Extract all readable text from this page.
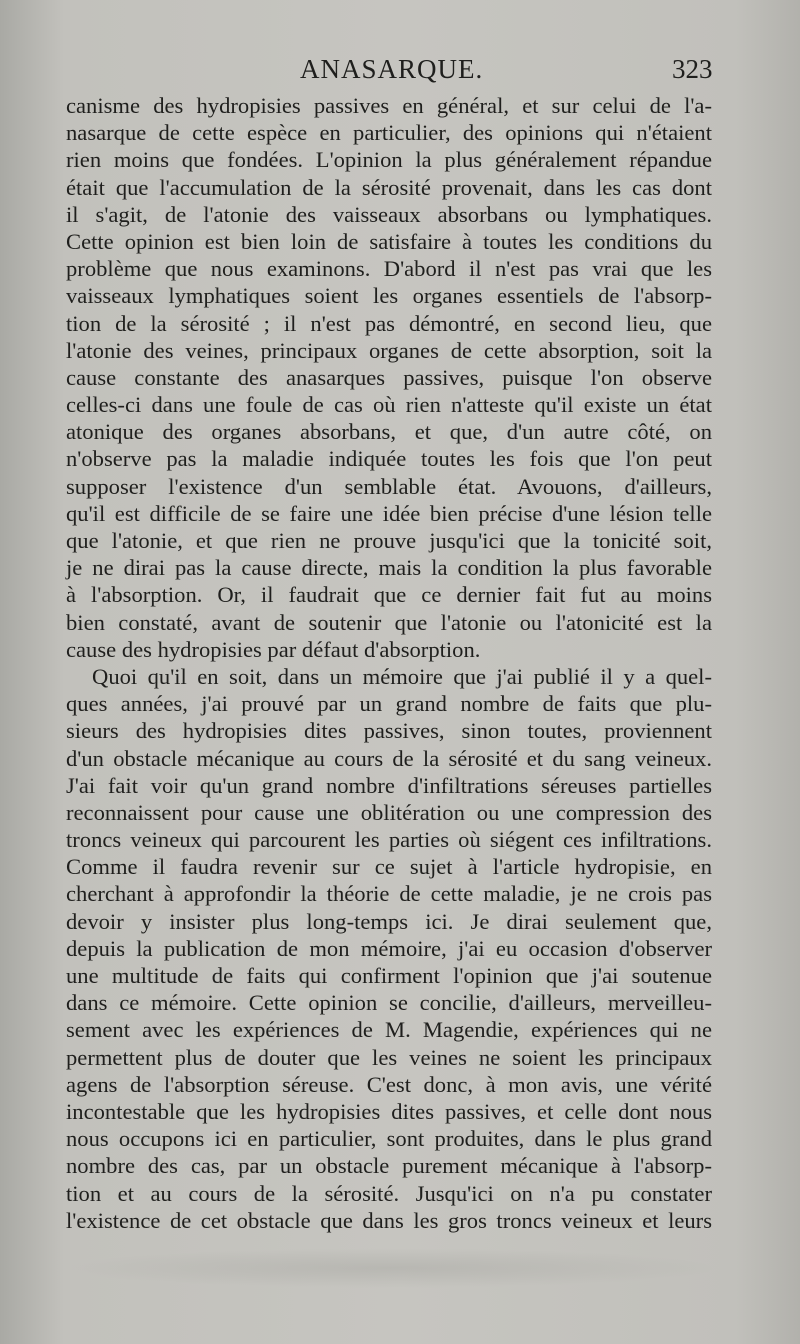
ANASARQUE.	323
canisme des hydropisies passives en général, et sur celui de l'a-
nasarque de cette espèce en particulier, des opinions qui n'étaient
rien moins que fondées. L'opinion la plus généralement répandue
était que l'accumulation de la sérosité provenait, dans les cas dont
il s'agit, de l'atonie des vaisseaux absorbans ou lymphatiques.
Cette opinion est bien loin de satisfaire à toutes les conditions du
problème que nous examinons. D'abord il n'est pas vrai que les
vaisseaux lymphatiques soient les organes essentiels de l'absorp-
tion de la sérosité ; il n'est pas démontré, en second lieu, que
l'atonie des veines, principaux organes de cette absorption, soit la
cause constante des anasarques passives, puisque l'on observe
celles-ci dans une foule de cas où rien n'atteste qu'il existe un état
atonique des organes absorbans, et que, d'un autre côté, on
n'observe pas la maladie indiquée toutes les fois que l'on peut
supposer l'existence d'un semblable état. Avouons, d'ailleurs,
qu'il est difficile de se faire une idée bien précise d'une lésion telle
que l'atonie, et que rien ne prouve jusqu'ici que la tonicité soit,
je ne dirai pas la cause directe, mais la condition la plus favorable
à l'absorption. Or, il faudrait que ce dernier fait fut au moins
bien constaté, avant de soutenir que l'atonie ou l'atonicité est la
cause des hydropisies par défaut d'absorption.
Quoi qu'il en soit, dans un mémoire que j'ai publié il y a quel-
ques années, j'ai prouvé par un grand nombre de faits que plu-
sieurs des hydropisies dites passives, sinon toutes, proviennent
d'un obstacle mécanique au cours de la sérosité et du sang veineux.
J'ai fait voir qu'un grand nombre d'infiltrations séreuses partielles
reconnaissent pour cause une oblitération ou une compression des
troncs veineux qui parcourent les parties où siégent ces infiltrations.
Comme il faudra revenir sur ce sujet à l'article hydropisie, en
cherchant à approfondir la théorie de cette maladie, je ne crois pas
devoir y insister plus long-temps ici. Je dirai seulement que,
depuis la publication de mon mémoire, j'ai eu occasion d'observer
une multitude de faits qui confirment l'opinion que j'ai soutenue
dans ce mémoire. Cette opinion se concilie, d'ailleurs, merveilleu-
sement avec les expériences de M. Magendie, expériences qui ne
permettent plus de douter que les veines ne soient les principaux
agens de l'absorption séreuse. C'est donc, à mon avis, une vérité
incontestable que les hydropisies dites passives, et celle dont nous
nous occupons ici en particulier, sont produites, dans le plus grand
nombre des cas, par un obstacle purement mécanique à l'absorp-
tion et au cours de la sérosité. Jusqu'ici on n'a pu constater
l'existence de cet obstacle que dans les gros troncs veineux et leurs
